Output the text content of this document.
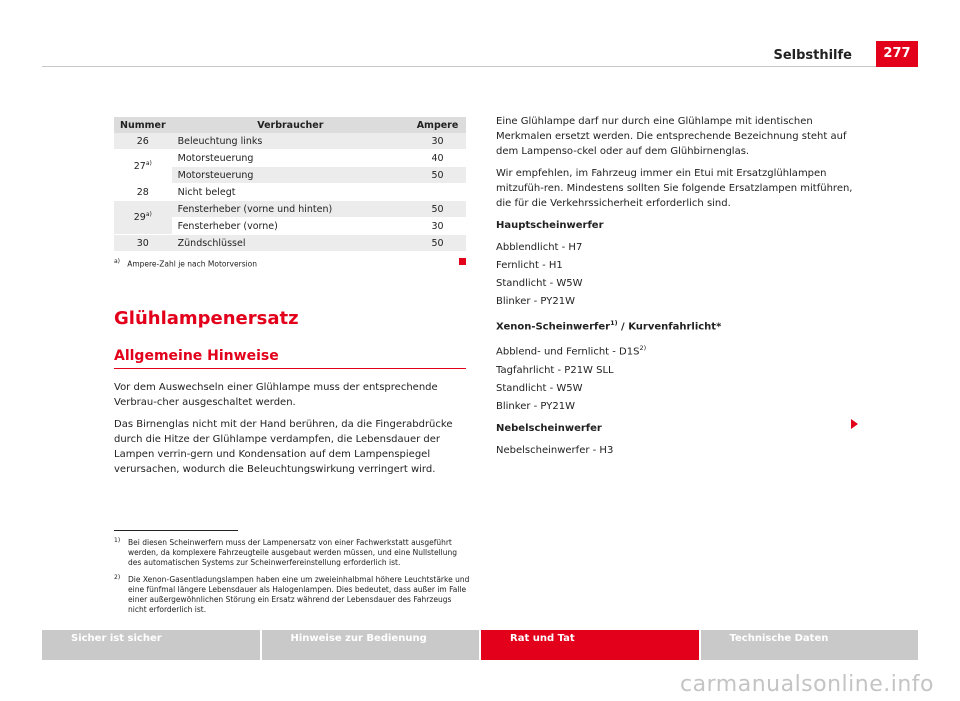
Selbsthilfe	277
Nummer	Verbraucher	Ampere
26	Beleuchtung links	30
27$^{a)}$	Motorsteuerung	40
	Motorsteuerung	50
28	Nicht belegt	
29$^{a)}$	Fensterheber (vorne und hinten)	50
	Fensterheber (vorne)	30
30	Zündschlüssel	50
$^{a)}$ Ampere-Zahl je nach Motorversion
Glühlampenersatz
Allgemeine Hinweise

Vor dem Auswechseln einer Glühlampe muss der entsprechende Verbrau-cher ausgeschaltet werden.

Das Birnenglas nicht mit der Hand berühren, da die Fingerabdrücke durch die Hitze der Glühlampe verdampfen, die Lebensdauer der Lampen verrin-gern und Kondensation auf dem Lampenspiegel verursachen, wodurch die Beleuchtungswirkung verringert wird.

Eine Glühlampe darf nur durch eine Glühlampe mit identischen Merkmalen ersetzt werden. Die entsprechende Bezeichnung steht auf dem Lampenso-ckel oder auf dem Glühbirnenglas.

Wir empfehlen, im Fahrzeug immer ein Etui mit Ersatzglühlampen mitzufüh-ren. Mindestens sollten Sie folgende Ersatzlampen mitführen, die für die Verkehrssicherheit erforderlich sind.

Hauptscheinwerfer

Abblendlicht - H7

Fernlicht - H1

Standlicht - W5W

Blinker - PY21W

Xenon-Scheinwerfer$^{1)}$ / Kurvenfahrlicht*

Abblend- und Fernlicht - $D1S^{2)}$

Tagfahrlicht - P21W SLL

Standlicht - W5W

Blinker - PY21W

Nebelscheinwerfer

Nebelscheinwerfer - H3

1) Bei diesen Scheinwerfern muss der Lampenersatz von einer Fachwerkstatt ausgeführt werden, da komplexere Fahrzeugteile ausgebaut werden müssen, und eine Nullstellung des automatischen Systems zur Scheinwerfereinstellung erforderlich ist.
2) Die Xenon-Gasentladungslampen haben eine um zweieinhalbmal höhere Leuchtstärke und eine fünfmal längere Lebensdauer als Halogenlampen. Dies bedeutet, dass außer im Falle einer außergewöhnlichen Störung ein Ersatz während der Lebensdauer des Fahrzeugs nicht erforderlich ist.
Sicher ist sicher	Hinweise zur Bedienung	Rat und Tat	Technische Daten
carmanualsonline.info
